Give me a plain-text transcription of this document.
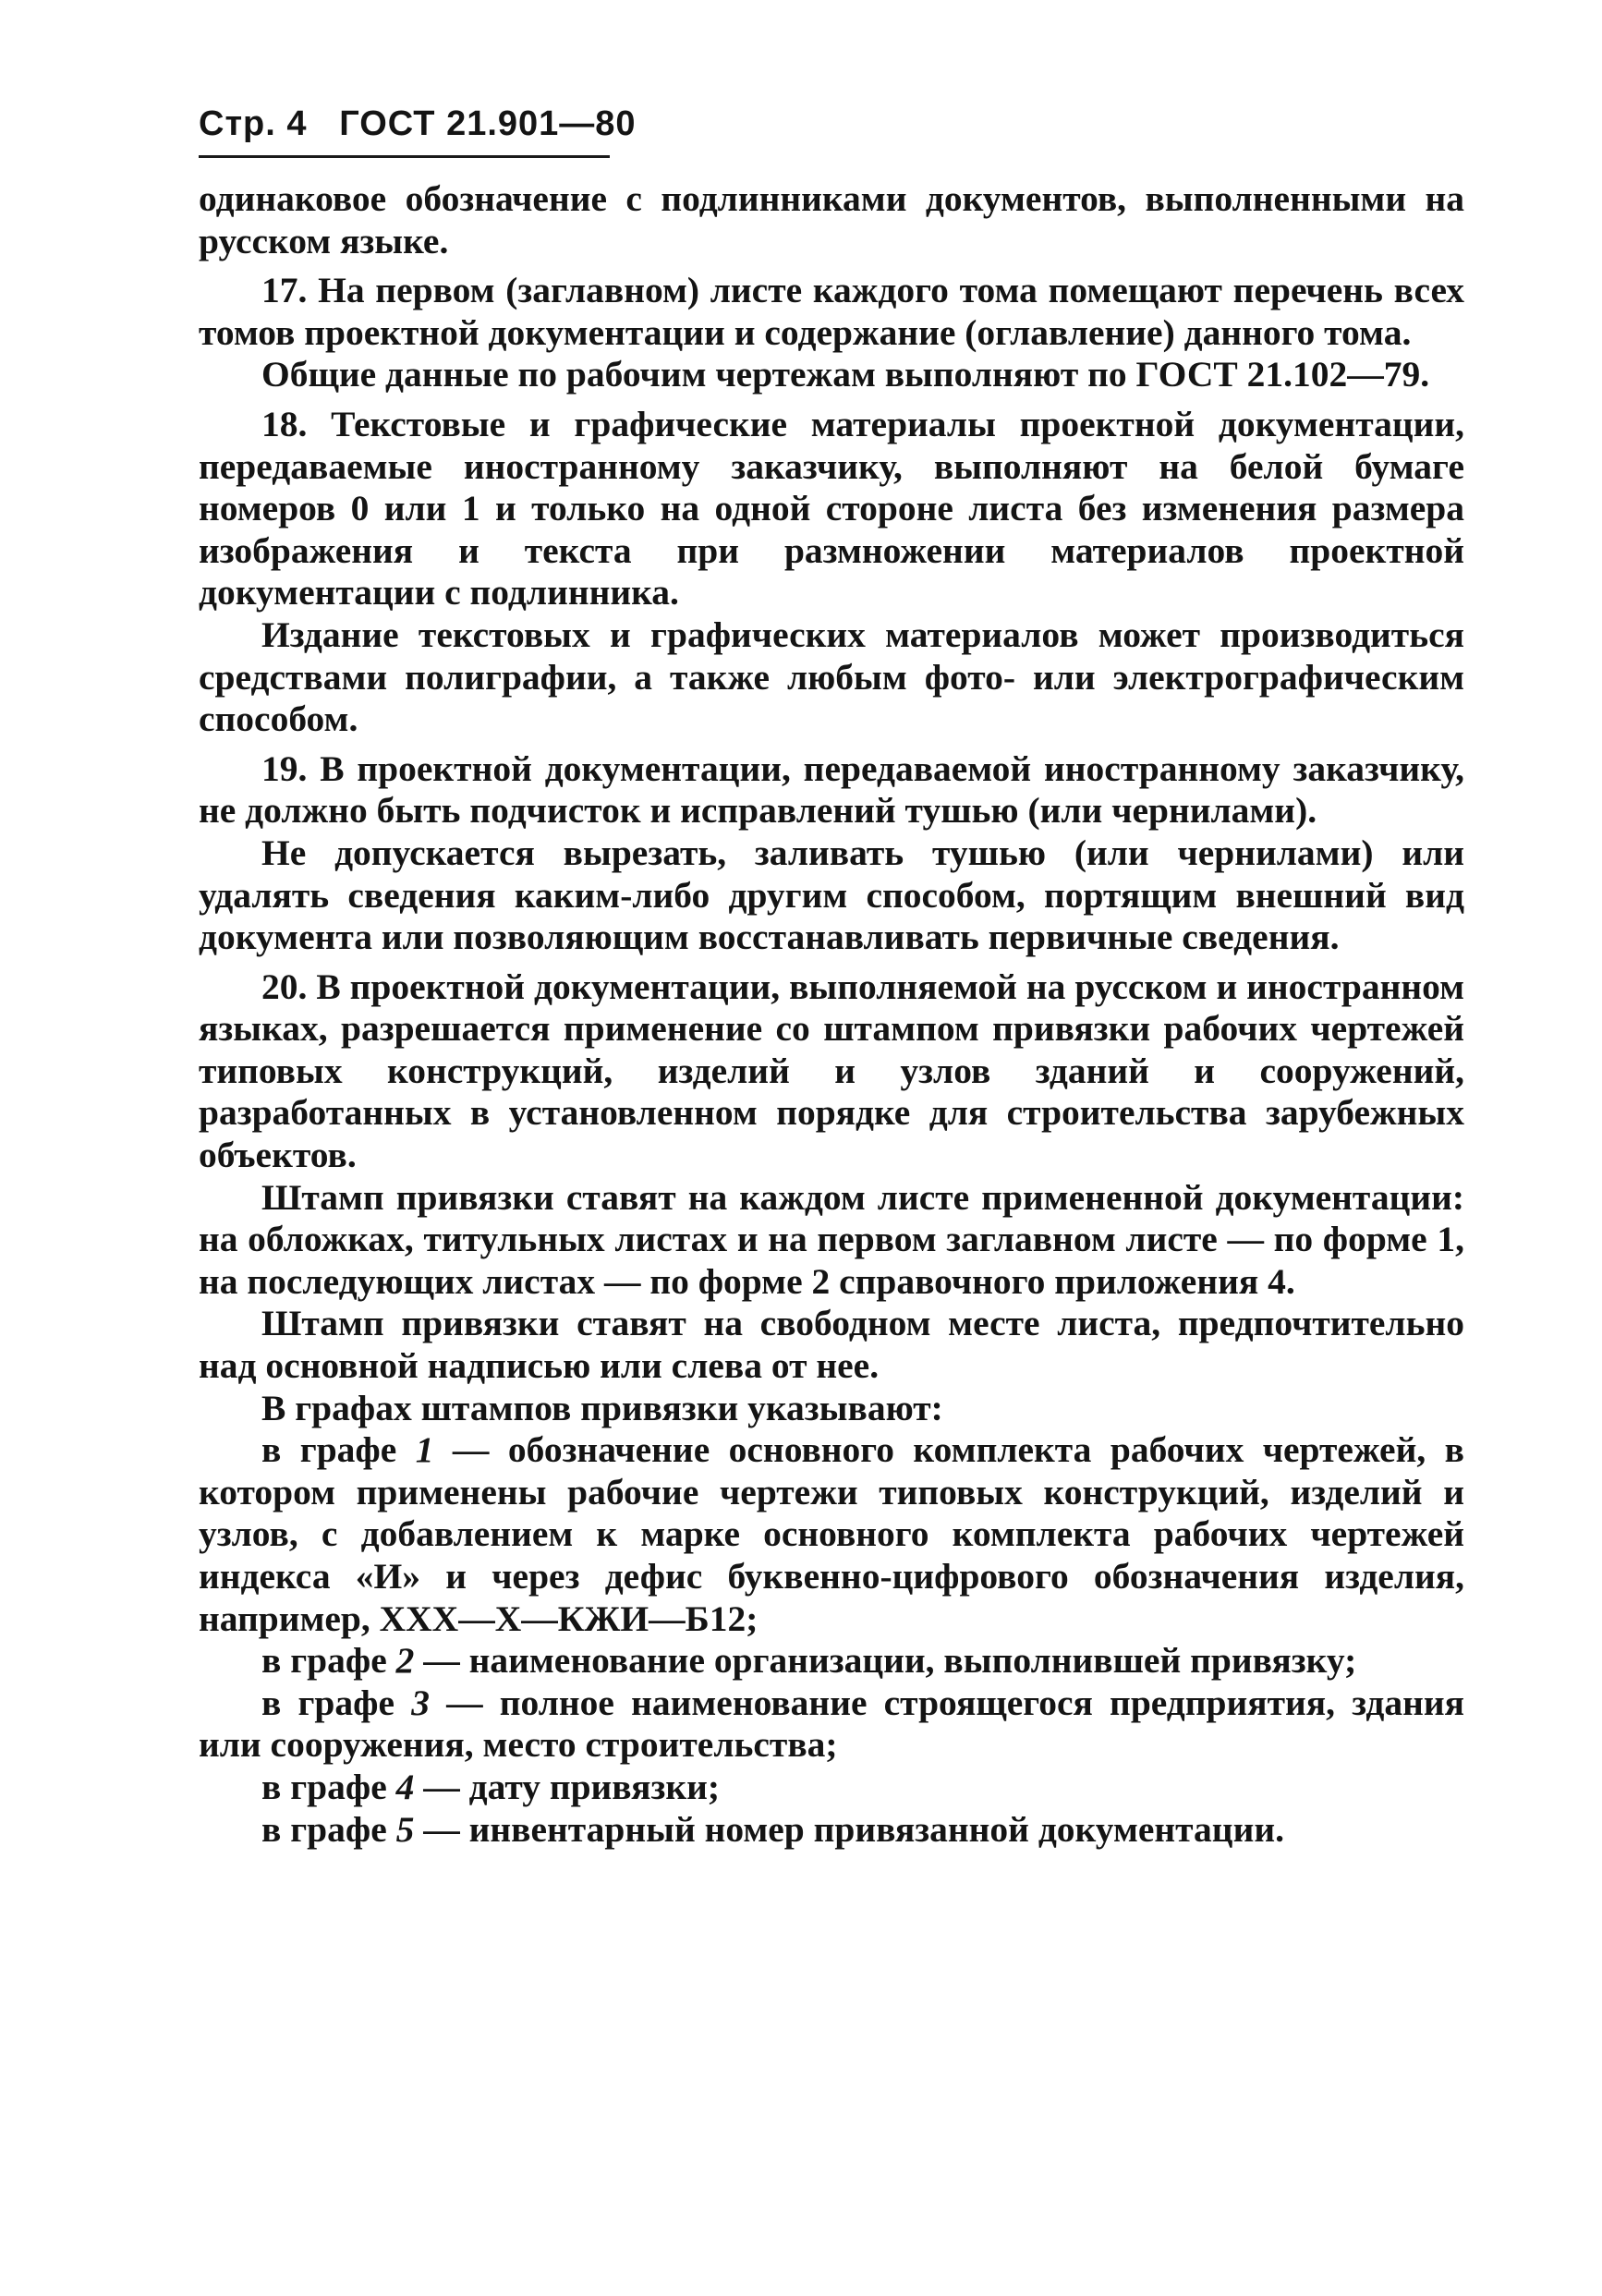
Стр. 4 ГОСТ 21.901—80

одинаковое обозначение с подлинниками документов, выполненными на русском языке.

17. На первом (заглавном) листе каждого тома помещают перечень всех томов проектной документации и содержание (оглавление) данного тома.

Общие данные по рабочим чертежам выполняют по ГОСТ 21.102—79.

18. Текстовые и графические материалы проектной документации, передаваемые иностранному заказчику, выполняют на белой бумаге номеров 0 или 1 и только на одной стороне листа без изменения размера изображения и текста при размножении материалов проектной документации с подлинника.

Издание текстовых и графических материалов может производиться средствами полиграфии, а также любым фото- или электрографическим способом.

19. В проектной документации, передаваемой иностранному заказчику, не должно быть подчисток и исправлений тушью (или чернилами).

Не допускается вырезать, заливать тушью (или чернилами) или удалять сведения каким-либо другим способом, портящим внешний вид документа или позволяющим восстанавливать первичные сведения.

20. В проектной документации, выполняемой на русском и иностранном языках, разрешается применение со штампом привязки рабочих чертежей типовых конструкций, изделий и узлов зданий и сооружений, разработанных в установленном порядке для строительства зарубежных объектов.

Штамп привязки ставят на каждом листе примененной документации: на обложках, титульных листах и на первом заглавном листе — по форме 1, на последующих листах — по форме 2 справочного приложения 4.

Штамп привязки ставят на свободном месте листа, предпочтительно над основной надписью или слева от нее.

В графах штампов привязки указывают:

в графе 1 — обозначение основного комплекта рабочих чертежей, в котором применены рабочие чертежи типовых конструкций, изделий и узлов, с добавлением к марке основного комплекта рабочих чертежей индекса «И» и через дефис буквенно-цифрового обозначения изделия, например, ХХХ—Х—КЖИ—Б12;

в графе 2 — наименование организации, выполнившей привязку;

в графе 3 — полное наименование строящегося предприятия, здания или сооружения, место строительства;

в графе 4 — дату привязки;

в графе 5 — инвентарный номер привязанной документации.
